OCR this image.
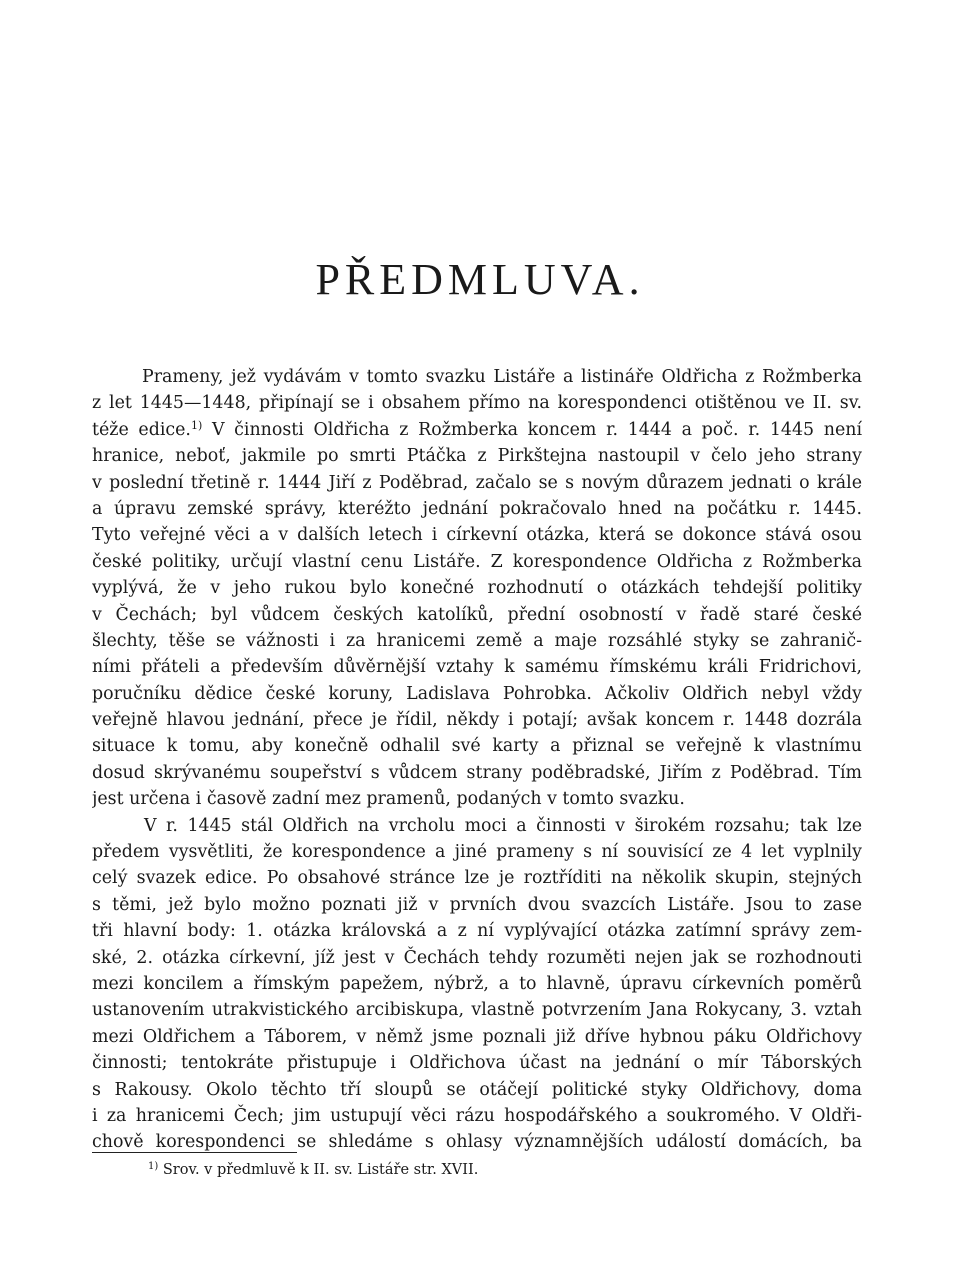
PŘEDMLUVA.
Prameny, jež vydávám v tomto svazku Listáře a listináře Oldřicha z Rožmberka
z let 1445—1448, připínají se i obsahem přímo na korespondenci otištěnou ve II. sv.
téže edice.$^{1)}$ V činnosti Oldřicha z Rožmberka koncem r. 1444 a poč. r. 1445 není
hranice, neboť, jakmile po smrti Ptáčka z Pirkštejna nastoupil v čelo jeho strany
v poslední třetině r. 1444 Jiří z Poděbrad, začalo se s novým důrazem jednati o krále
a úpravu zemské správy, kteréžto jednání pokračovalo hned na počátku r. 1445.
Tyto veřejné věci a v dalších letech i církevní otázka, která se dokonce stává osou
české politiky, určují vlastní cenu Listáře. Z korespondence Oldřicha z Rožmberka
vyplývá, že v jeho rukou bylo konečné rozhodnutí o otázkách tehdejší politiky
v Čechách; byl vůdcem českých katolíků, přední osobností v řadě staré české
šlechty, těše se vážnosti i za hranicemi země a maje rozsáhlé styky se zahranič-
ními přáteli a především důvěrnější vztahy k samému římskému králi Fridrichovi,
poručníku dědice české koruny, Ladislava Pohrobka. Ačkoliv Oldřich nebyl vždy
veřejně hlavou jednání, přece je řídil, někdy i potají; avšak koncem r. 1448 dozrála
situace k tomu, aby konečně odhalil své karty a přiznal se veřejně k vlastnímu
dosud skrývanému soupeřství s vůdcem strany poděbradské, Jiřím z Poděbrad. Tím
jest určena i časově zadní mez pramenů, podaných v tomto svazku.
V r. 1445 stál Oldřich na vrcholu moci a činnosti v širokém rozsahu; tak lze
předem vysvětliti, že korespondence a jiné prameny s ní souvisící ze 4 let vyplnily
celý svazek edice. Po obsahové stránce lze je roztříditi na několik skupin, stejných
s těmi, jež bylo možno poznati již v prvních dvou svazcích Listáře. Jsou to zase
tři hlavní body: 1. otázka královská a z ní vyplývající otázka zatímní správy zem-
ské, 2. otázka církevní, jíž jest v Čechách tehdy rozuměti nejen jak se rozhodnouti
mezi koncilem a římským papežem, nýbrž, a to hlavně, úpravu církevních poměrů
ustanovením utrakvistického arcibiskupa, vlastně potvrzením Jana Rokycany, 3. vztah
mezi Oldřichem a Táborem, v němž jsme poznali již dříve hybnou páku Oldřichovy
činnosti; tentokráte přistupuje i Oldřichova účast na jednání o mír Táborských
s Rakousy. Okolo těchto tří sloupů se otáčejí politické styky Oldřichovy, doma
i za hranicemi Čech; jim ustupují věci rázu hospodářského a soukromého. V Oldři-
chově korespondenci se shledáme s ohlasy významnějších událostí domácích, ba
$^{1)}$ Srov. v předmluvě k II. sv. Listáře str. XVII.
